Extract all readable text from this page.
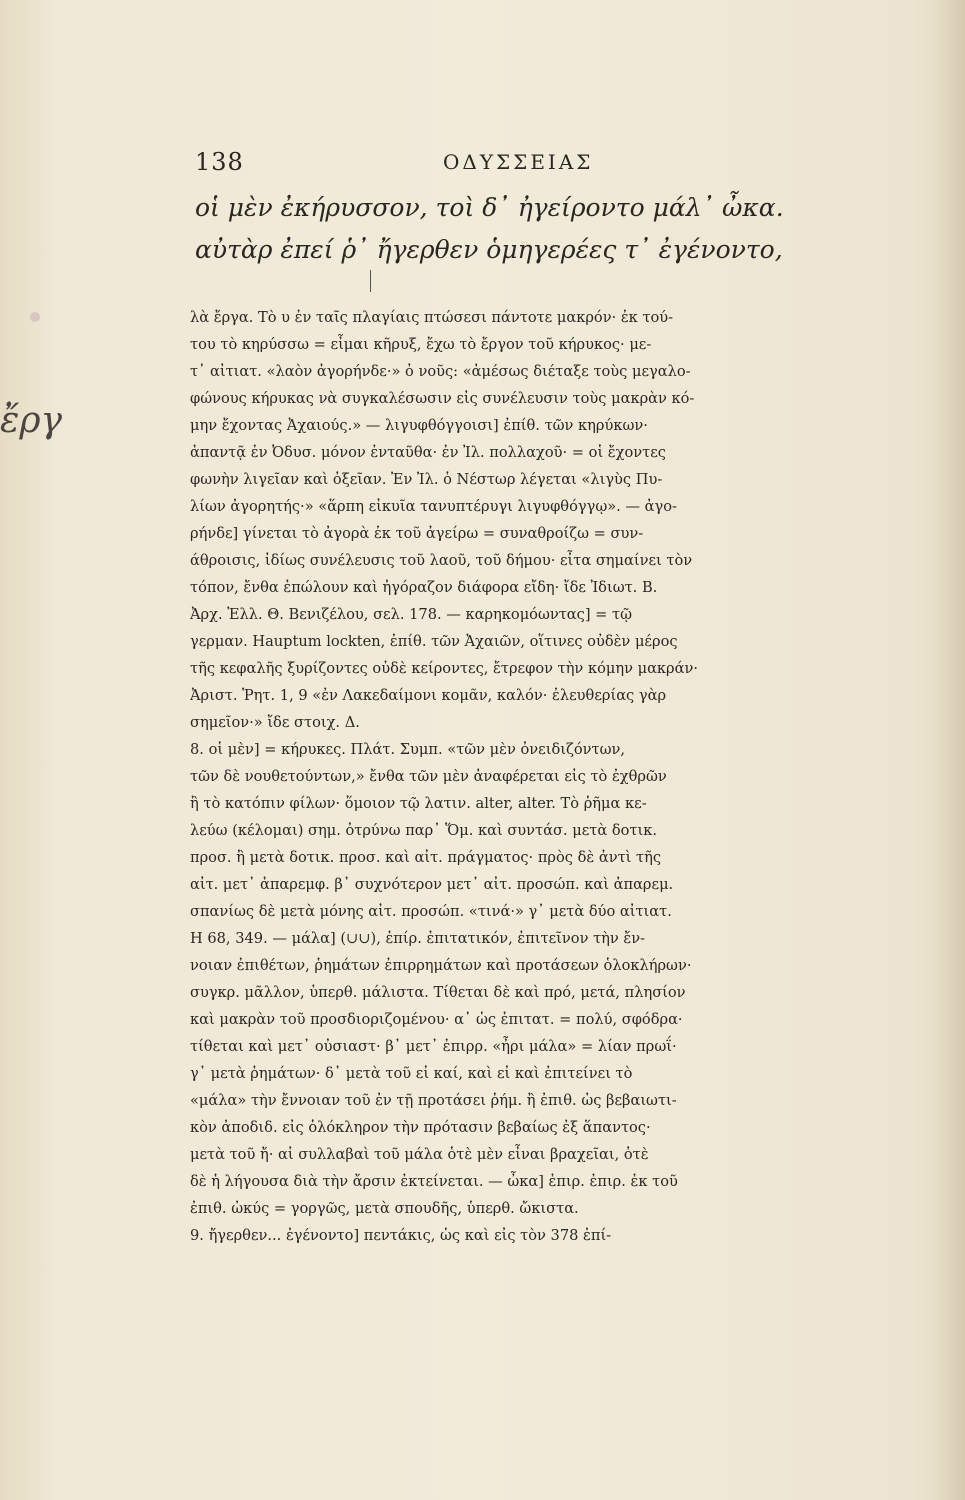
ἔργ
138	ΟΔΥΣΣΕΙΑΣ
οἱ μὲν ἐκήρυσσον, τοὶ δ᾽ ἠγείροντο μάλ᾽ ὦκα.
αὐτὰρ ἐπεί ῥ᾽ ἤγερθεν ὁμηγερέες τ᾽ ἐγένοντο,
λὰ ἔργα. Τὸ υ ἐν ταῖς πλαγίαις πτώσεσι πάντοτε μακρόν· ἐκ τού-
του τὸ κηρύσσω = εἶμαι κῆρυξ, ἔχω τὸ ἔργον τοῦ κήρυκος· με-
τ᾽ αἰτιατ. «λαὸν ἀγορήνδε·» ὁ νοῦς: «ἀμέσως διέταξε τοὺς μεγαλο-
φώνους κήρυκας νὰ συγκαλέσωσιν εἰς συνέλευσιν τοὺς μακρὰν κό-
μην ἔχοντας Ἀχαιούς.» — λιγυφθόγγοισι] ἐπίθ. τῶν κηρύκων·
ἀπαντᾷ ἐν Ὀδυσ. μόνον ἐνταῦθα· ἐν Ἰλ. πολλαχοῦ· = οἱ ἔχοντες
φωνὴν λιγεῖαν καὶ ὀξεῖαν. Ἐν Ἰλ. ὁ Νέστωρ λέγεται «λιγὺς Πυ-
λίων ἀγορητής·» «ἅρπη εἰκυῖα τανυπτέρυγι λιγυφθόγγῳ». — ἀγο-
ρήνδε] γίνεται τὸ ἀγορὰ ἐκ τοῦ ἀγείρω = συναθροίζω = συν-
άθροισις, ἰδίως συνέλευσις τοῦ λαοῦ, τοῦ δήμου· εἶτα σημαίνει τὸν
τόπον, ἔνθα ἐπώλουν καὶ ἠγόραζον διάφορα εἴδη· ἴδε Ἰδιωτ. Β.
Ἀρχ. Ἑλλ. Θ. Βενιζέλου, σελ. 178. — καρηκομόωντας] = τῷ
γερμαν. Hauptum lockten, ἐπίθ. τῶν Ἀχαιῶν, οἵτινες οὐδὲν μέρος
τῆς κεφαλῆς ξυρίζοντες οὐδὲ κείροντες, ἔτρεφον τὴν κόμην μακράν·
Ἀριστ. Ῥητ. 1, 9 «ἐν Λακεδαίμονι κομᾶν, καλόν· ἐλευθερίας γὰρ
σημεῖον·» ἴδε στοιχ. Δ.
8. οἱ μὲν] = κήρυκες. Πλάτ. Συμπ. «τῶν μὲν ὀνειδιζόντων,
τῶν δὲ νουθετούντων,» ἔνθα τῶν μὲν ἀναφέρεται εἰς τὸ ἐχθρῶν
ἢ τὸ κατόπιν φίλων· ὅμοιον τῷ λατιν. alter, alter. Τὸ ῥῆμα κε-
λεύω (κέλομαι) σημ. ὀτρύνω παρ᾽ Ὅμ. καὶ συντάσ. μετὰ δοτικ.
προσ. ἢ μετὰ δοτικ. προσ. καὶ αἰτ. πράγματος· πρὸς δὲ ἀντὶ τῆς
αἰτ. μετ᾽ ἀπαρεμφ. β᾽ συχνότερον μετ᾽ αἰτ. προσώπ. καὶ ἀπαρεμ.
σπανίως δὲ μετὰ μόνης αἰτ. προσώπ. «τινά·» γ᾽ μετὰ δύο αἰτιατ.
Η 68, 349. — μάλα] (∪∪), ἐπίρ. ἐπιτατικόν, ἐπιτεῖνον τὴν ἔν-
νοιαν ἐπιθέτων, ῥημάτων ἐπιρρημάτων καὶ προτάσεων ὁλοκλήρων·
συγκρ. μᾶλλον, ὑπερθ. μάλιστα. Τίθεται δὲ καὶ πρό, μετά, πλησίον
καὶ μακρὰν τοῦ προσδιοριζομένου· α᾽ ὡς ἐπιτατ. = πολύ, σφόδρα·
τίθεται καὶ μετ᾽ οὐσιαστ· β᾽ μετ᾽ ἐπιρρ. «ἦρι μάλα» = λίαν πρωΐ·
γ᾽ μετὰ ῥημάτων· δ᾽ μετὰ τοῦ εἰ καί, καὶ εἰ καὶ ἐπιτείνει τὸ
«μάλα» τὴν ἔννοιαν τοῦ ἐν τῇ προτάσει ῥήμ. ἢ ἐπιθ. ὡς βεβαιωτι-
κὸν ἀποδιδ. εἰς ὁλόκληρον τὴν πρότασιν βεβαίως ἐξ ἅπαντος·
μετὰ τοῦ ἤ· αἱ συλλαβαὶ τοῦ μάλα ὁτὲ μὲν εἶναι βραχεῖαι, ὁτὲ
δὲ ἡ λήγουσα διὰ τὴν ἄρσιν ἐκτείνεται. — ὦκα] ἐπιρ. ἐπιρ. ἐκ τοῦ
ἐπιθ. ὠκύς = γοργῶς, μετὰ σπουδῆς, ὑπερθ. ὤκιστα.
9. ἤγερθεν... ἐγένοντο] πεντάκις, ὡς καὶ εἰς τὸν 378 ἐπί-
